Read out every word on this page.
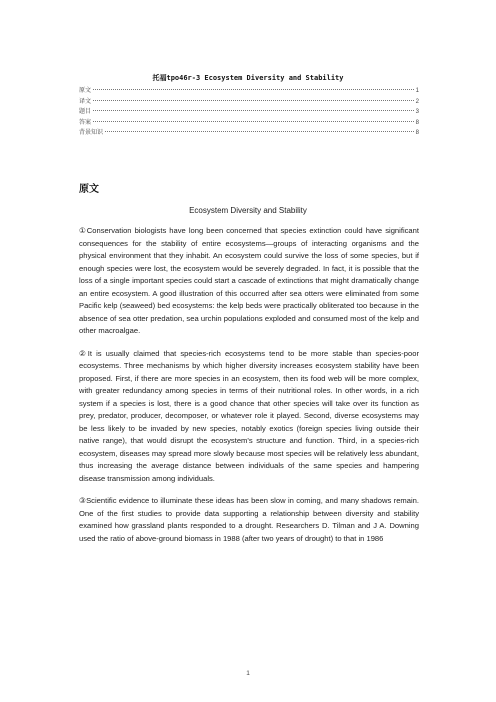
托福tpo46r-3 Ecosystem Diversity and Stability
原文	1
译文	2
题目	3
答案	8
背景知识	8
原文
Ecosystem Diversity and Stability

①Conservation biologists have long been concerned that species extinction could have significant consequences for the stability of entire ecosystems—groups of interacting organisms and the physical environment that they inhabit. An ecosystem could survive the loss of some species, but if enough species were lost, the ecosystem would be severely degraded. In fact, it is possible that the loss of a single important species could start a cascade of extinctions that might dramatically change an entire ecosystem. A good illustration of this occurred after sea otters were eliminated from some Pacific kelp (seaweed) bed ecosystems: the kelp beds were practically obliterated too because in the absence of sea otter predation, sea urchin populations exploded and consumed most of the kelp and other macroalgae.

②It is usually claimed that species-rich ecosystems tend to be more stable than species-poor ecosystems. Three mechanisms by which higher diversity increases ecosystem stability have been proposed. First, if there are more species in an ecosystem, then its food web will be more complex, with greater redundancy among species in terms of their nutritional roles. In other words, in a rich system if a species is lost, there is a good chance that other species will take over its function as prey, predator, producer, decomposer, or whatever role it played. Second, diverse ecosystems may be less likely to be invaded by new species, notably exotics (foreign species living outside their native range), that would disrupt the ecosystem's structure and function. Third, in a species-rich ecosystem, diseases may spread more slowly because most species will be relatively less abundant, thus increasing the average distance between individuals of the same species and hampering disease transmission among individuals.

③Scientific evidence to illuminate these ideas has been slow in coming, and many shadows remain. One of the first studies to provide data supporting a relationship between diversity and stability examined how grassland plants responded to a drought. Researchers D. Tilman and J A. Downing used the ratio of above-ground biomass in 1988 (after two years of drought) to that in 1986

1
